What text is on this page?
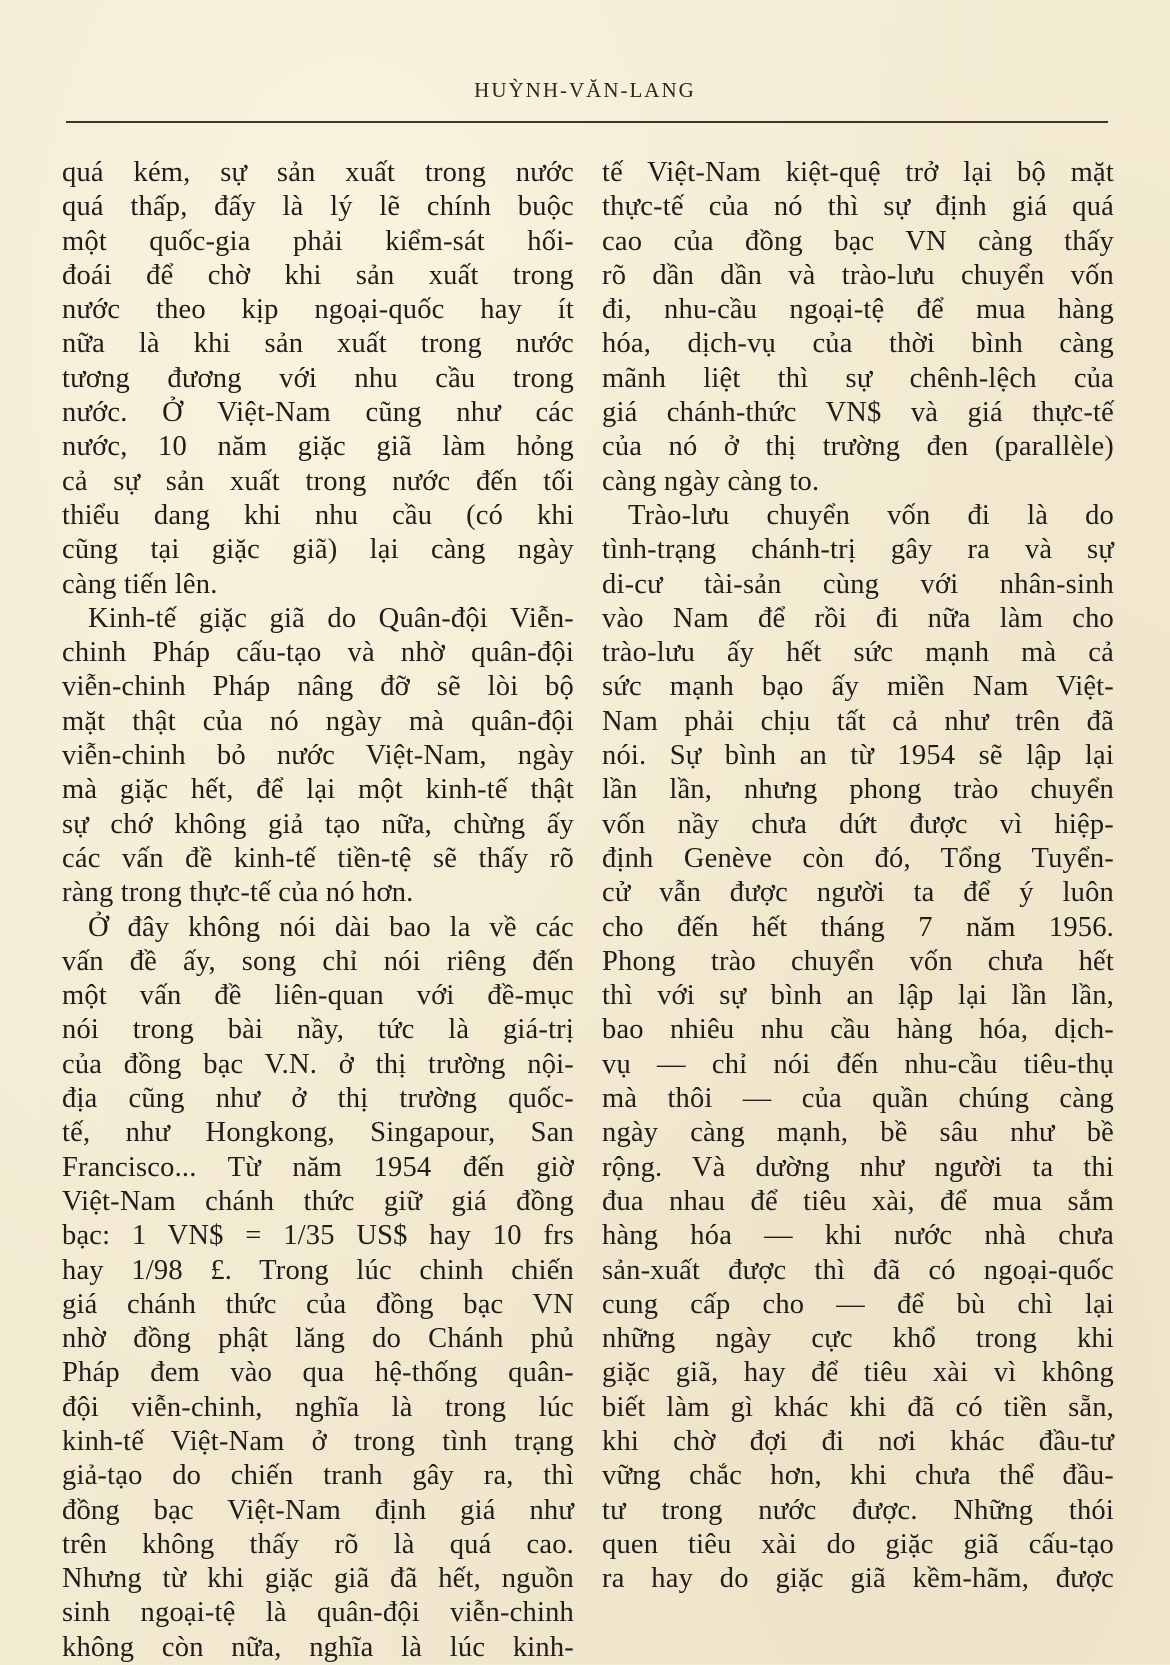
HUỲNH-VĂN-LANG
quá kém, sự sản xuất trong nước
quá thấp, đấy là lý lẽ chính buộc
một quốc-gia phải kiểm-sát hối-
đoái để chờ khi sản xuất trong
nước theo kịp ngoại-quốc hay ít
nữa là khi sản xuất trong nước
tương đương với nhu cầu trong
nước. Ở Việt-Nam cũng như các
nước, 10 năm giặc giã làm hỏng
cả sự sản xuất trong nước đến tối
thiểu dang khi nhu cầu (có khi
cũng tại giặc giã) lại càng ngày
càng tiến lên.
Kinh-tế giặc giã do Quân-đội Viễn-
chinh Pháp cấu-tạo và nhờ quân-đội
viễn-chinh Pháp nâng đỡ sẽ lòi bộ
mặt thật của nó ngày mà quân-đội
viễn-chinh bỏ nước Việt-Nam, ngày
mà giặc hết, để lại một kinh-tế thật
sự chớ không giả tạo nữa, chừng ấy
các vấn đề kinh-tế tiền-tệ sẽ thấy rõ
ràng trong thực-tế của nó hơn.
Ở đây không nói dài bao la về các
vấn đề ấy, song chỉ nói riêng đến
một vấn đề liên-quan với đề-mục
nói trong bài nầy, tức là giá-trị
của đồng bạc V.N. ở thị trường nội-
địa cũng như ở thị trường quốc-
tế, như Hongkong, Singapour, San
Francisco... Từ năm 1954 đến giờ
Việt-Nam chánh thức giữ giá đồng
bạc: 1 VN$ = 1/35 US$ hay 10 frs
hay 1/98 £. Trong lúc chinh chiến
giá chánh thức của đồng bạc VN
nhờ đồng phật lăng do Chánh phủ
Pháp đem vào qua hệ-thống quân-
đội viễn-chinh, nghĩa là trong lúc
kinh-tế Việt-Nam ở trong tình trạng
giả-tạo do chiến tranh gây ra, thì
đồng bạc Việt-Nam định giá như
trên không thấy rõ là quá cao.
Nhưng từ khi giặc giã đã hết, nguồn
sinh ngoại-tệ là quân-đội viễn-chinh
không còn nữa, nghĩa là lúc kinh-
tế Việt-Nam kiệt-quệ trở lại bộ mặt
thực-tế của nó thì sự định giá quá
cao của đồng bạc VN càng thấy
rõ dần dần và trào-lưu chuyển vốn
đi, nhu-cầu ngoại-tệ để mua hàng
hóa, dịch-vụ của thời bình càng
mãnh liệt thì sự chênh-lệch của
giá chánh-thức VN$ và giá thực-tế
của nó ở thị trường đen (parallèle)
càng ngày càng to.
Trào-lưu chuyển vốn đi là do
tình-trạng chánh-trị gây ra và sự
di-cư tài-sản cùng với nhân-sinh
vào Nam để rồi đi nữa làm cho
trào-lưu ấy hết sức mạnh mà cả
sức mạnh bạo ấy miền Nam Việt-
Nam phải chịu tất cả như trên đã
nói. Sự bình an từ 1954 sẽ lập lại
lần lần, nhưng phong trào chuyển
vốn nầy chưa dứt được vì hiệp-
định Genève còn đó, Tổng Tuyển-
cử vẫn được người ta để ý luôn
cho đến hết tháng 7 năm 1956.
Phong trào chuyển vốn chưa hết
thì với sự bình an lập lại lần lần,
bao nhiêu nhu cầu hàng hóa, dịch-
vụ — chỉ nói đến nhu-cầu tiêu-thụ
mà thôi — của quần chúng càng
ngày càng mạnh, bề sâu như bề
rộng. Và dường như người ta thi
đua nhau để tiêu xài, để mua sắm
hàng hóa — khi nước nhà chưa
sản-xuất được thì đã có ngoại-quốc
cung cấp cho — để bù chì lại
những ngày cực khổ trong khi
giặc giã, hay để tiêu xài vì không
biết làm gì khác khi đã có tiền sẵn,
khi chờ đợi đi nơi khác đầu-tư
vững chắc hơn, khi chưa thể đầu-
tư trong nước được. Những thói
quen tiêu xài do giặc giã cấu-tạo
ra hay do giặc giã kềm-hãm, được
